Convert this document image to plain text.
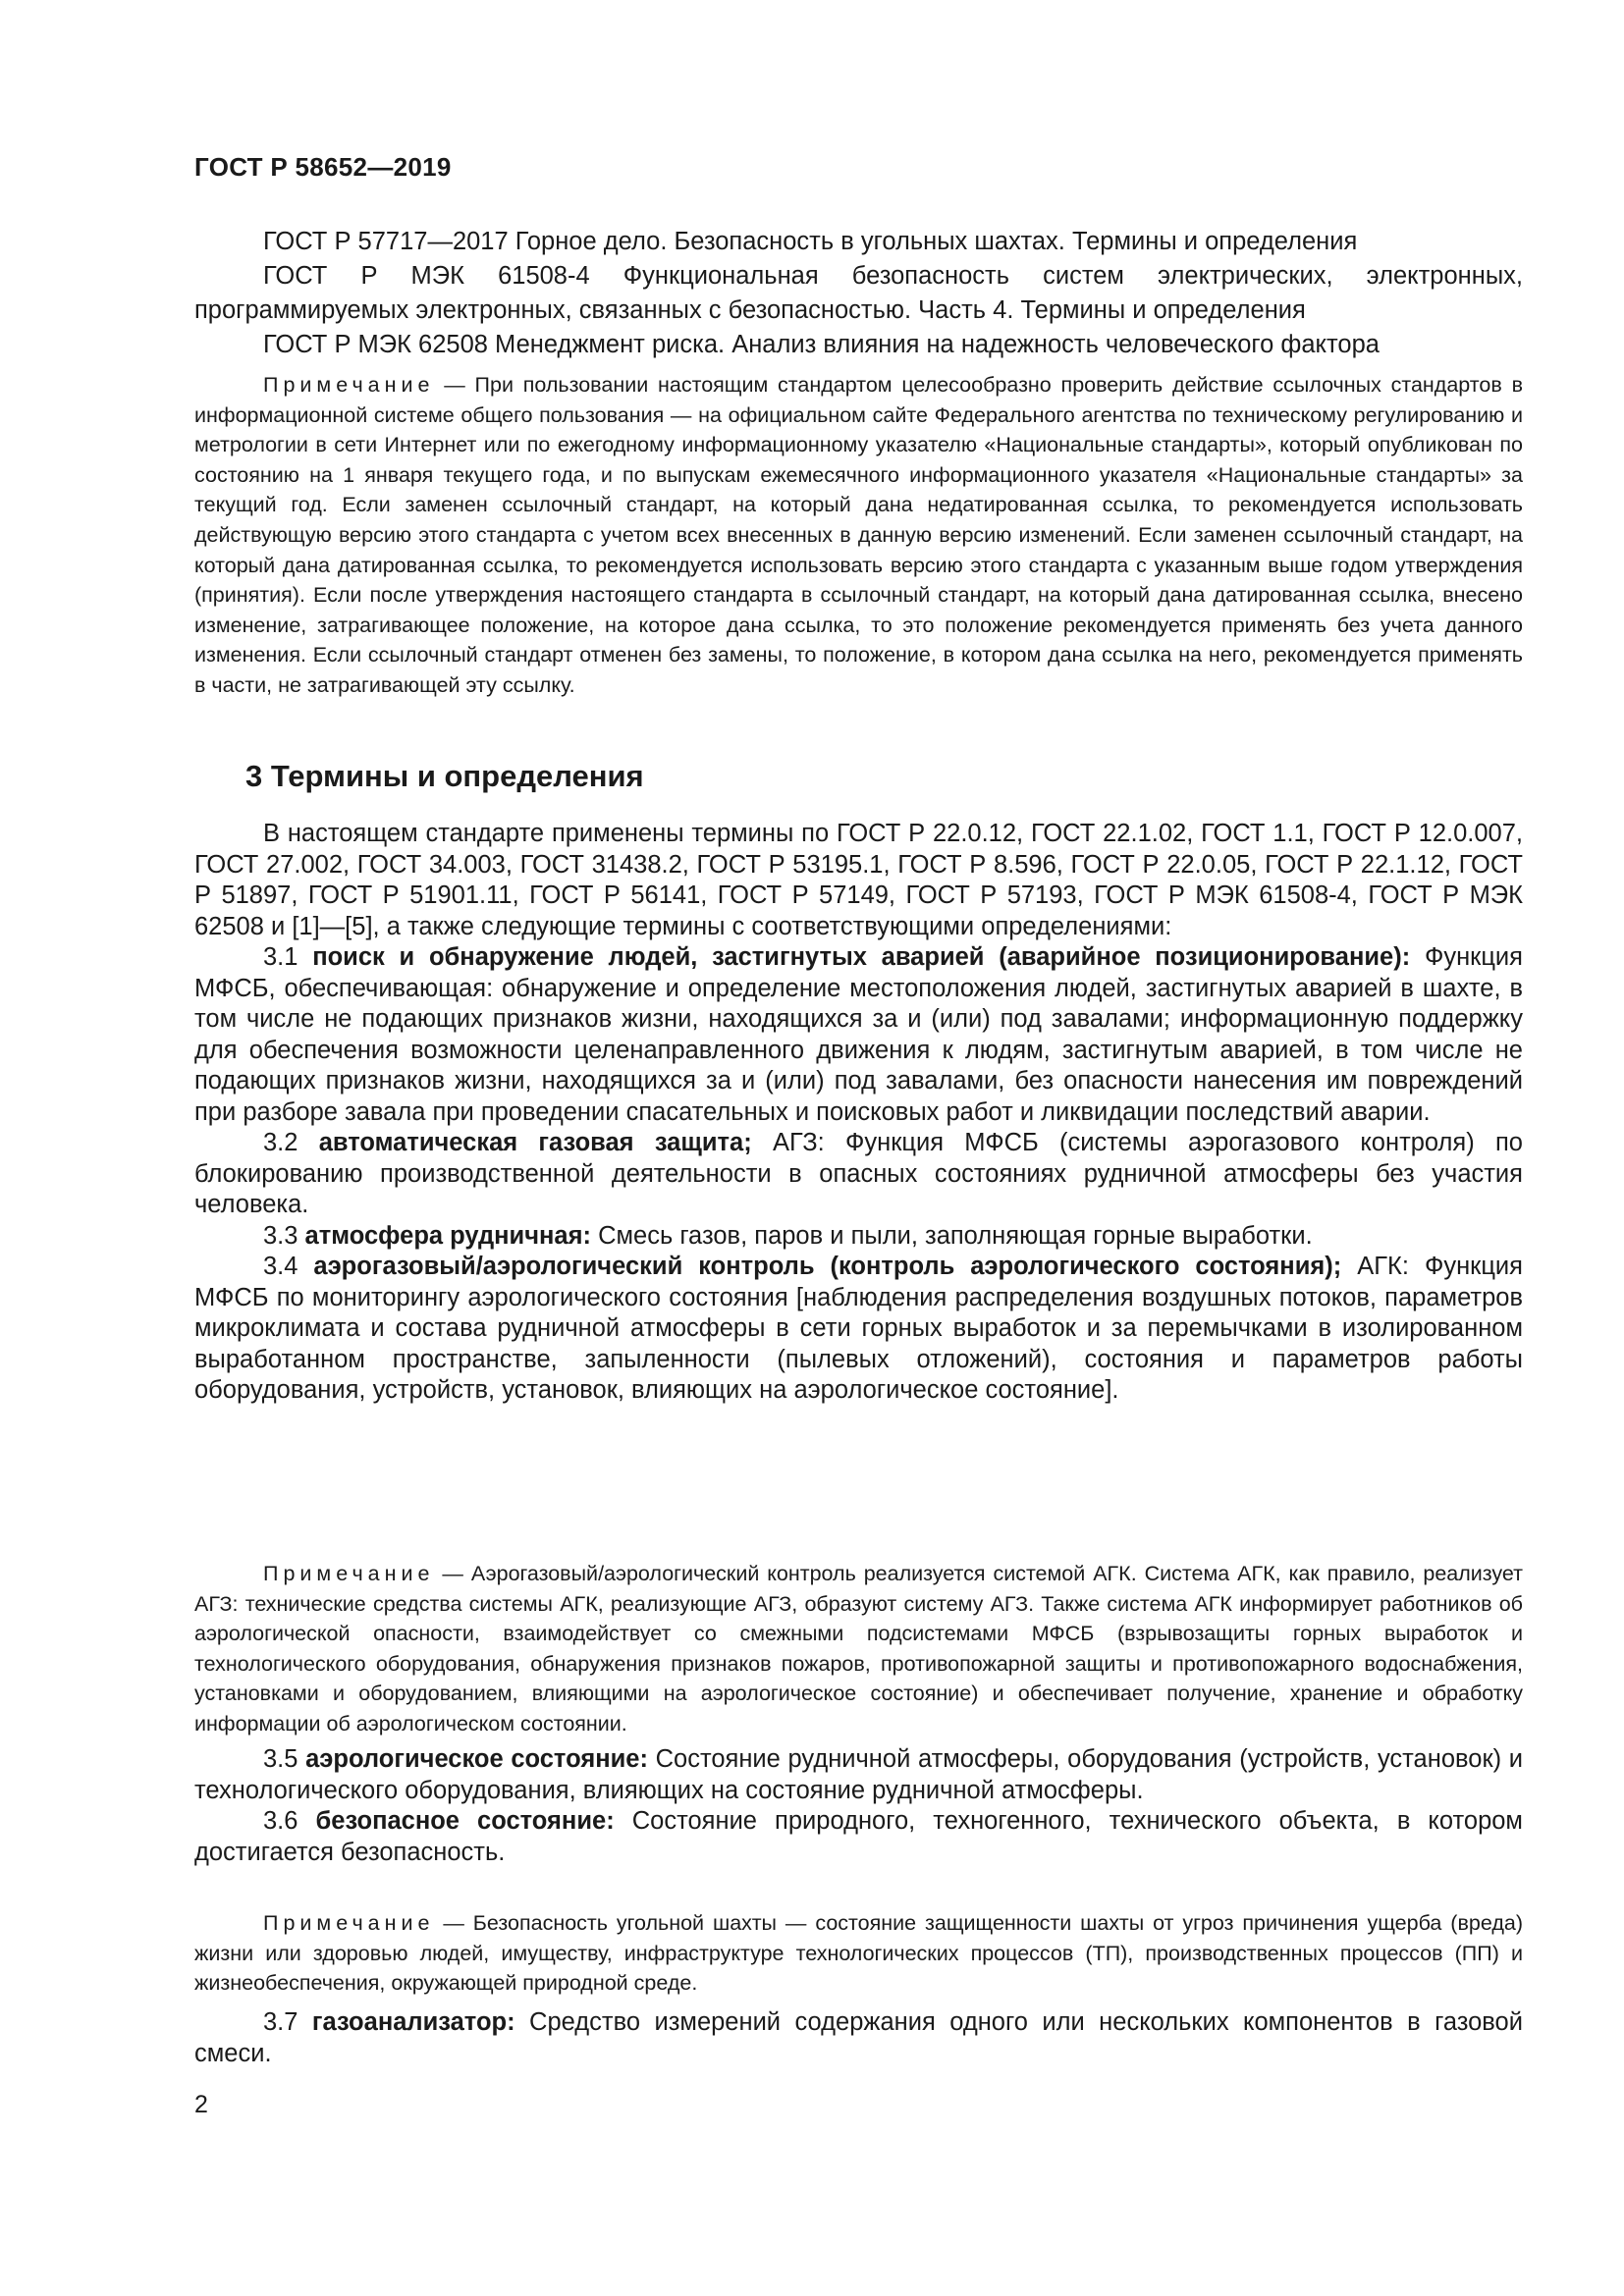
ГОСТ Р 58652—2019

ГОСТ Р 57717—2017 Горное дело. Безопасность в угольных шахтах. Термины и определения

ГОСТ Р МЭК 61508-4 Функциональная безопасность систем электрических, электронных, программируемых электронных, связанных с безопасностью. Часть 4. Термины и определения

ГОСТ Р МЭК 62508 Менеджмент риска. Анализ влияния на надежность человеческого фактора

Примечание — При пользовании настоящим стандартом целесообразно проверить действие ссылочных стандартов в информационной системе общего пользования — на официальном сайте Федерального агентства по техническому регулированию и метрологии в сети Интернет или по ежегодному информационному указателю «Национальные стандарты», который опубликован по состоянию на 1 января текущего года, и по выпускам ежемесячного информационного указателя «Национальные стандарты» за текущий год. Если заменен ссылочный стандарт, на который дана недатированная ссылка, то рекомендуется использовать действующую версию этого стандарта с учетом всех внесенных в данную версию изменений. Если заменен ссылочный стандарт, на который дана датированная ссылка, то рекомендуется использовать версию этого стандарта с указанным выше годом утверждения (принятия). Если после утверждения настоящего стандарта в ссылочный стандарт, на который дана датированная ссылка, внесено изменение, затрагивающее положение, на которое дана ссылка, то это положение рекомендуется применять без учета данного изменения. Если ссылочный стандарт отменен без замены, то положение, в котором дана ссылка на него, рекомендуется применять в части, не затрагивающей эту ссылку.

3 Термины и определения

В настоящем стандарте применены термины по ГОСТ Р 22.0.12, ГОСТ 22.1.02, ГОСТ 1.1, ГОСТ Р 12.0.007, ГОСТ 27.002, ГОСТ 34.003, ГОСТ 31438.2, ГОСТ Р 53195.1, ГОСТ Р 8.596, ГОСТ Р 22.0.05, ГОСТ Р 22.1.12, ГОСТ Р 51897, ГОСТ Р 51901.11, ГОСТ Р 56141, ГОСТ Р 57149, ГОСТ Р 57193, ГОСТ Р МЭК 61508-4, ГОСТ Р МЭК 62508 и [1]—[5], а также следующие термины с соответствующими определениями:

3.1 поиск и обнаружение людей, застигнутых аварией (аварийное позиционирование): Функция МФСБ, обеспечивающая: обнаружение и определение местоположения людей, застигнутых аварией в шахте, в том числе не подающих признаков жизни, находящихся за и (или) под завалами; информационную поддержку для обеспечения возможности целенаправленного движения к людям, застигнутым аварией, в том числе не подающих признаков жизни, находящихся за и (или) под завалами, без опасности нанесения им повреждений при разборе завала при проведении спасательных и поисковых работ и ликвидации последствий аварии.

3.2 автоматическая газовая защита; АГЗ: Функция МФСБ (системы аэрогазового контроля) по блокированию производственной деятельности в опасных состояниях рудничной атмосферы без участия человека.

3.3 атмосфера рудничная: Смесь газов, паров и пыли, заполняющая горные выработки.

3.4 аэрогазовый/аэрологический контроль (контроль аэрологического состояния); АГК: Функция МФСБ по мониторингу аэрологического состояния [наблюдения распределения воздушных потоков, параметров микроклимата и состава рудничной атмосферы в сети горных выработок и за перемычками в изолированном выработанном пространстве, запыленности (пылевых отложений), состояния и параметров работы оборудования, устройств, установок, влияющих на аэрологическое состояние].

Примечание — Аэрогазовый/аэрологический контроль реализуется системой АГК. Система АГК, как правило, реализует АГЗ: технические средства системы АГК, реализующие АГЗ, образуют систему АГЗ. Также система АГК информирует работников об аэрологической опасности, взаимодействует со смежными подсистемами МФСБ (взрывозащиты горных выработок и технологического оборудования, обнаружения признаков пожаров, противопожарной защиты и противопожарного водоснабжения, установками и оборудованием, влияющими на аэрологическое состояние) и обеспечивает получение, хранение и обработку информации об аэрологическом состоянии.

3.5 аэрологическое состояние: Состояние рудничной атмосферы, оборудования (устройств, установок) и технологического оборудования, влияющих на состояние рудничной атмосферы.

3.6 безопасное состояние: Состояние природного, техногенного, технического объекта, в котором достигается безопасность.

Примечание — Безопасность угольной шахты — состояние защищенности шахты от угроз причинения ущерба (вреда) жизни или здоровью людей, имуществу, инфраструктуре технологических процессов (ТП), производственных процессов (ПП) и жизнеобеспечения, окружающей природной среде.

3.7 газоанализатор: Средство измерений содержания одного или нескольких компонентов в газовой смеси.

2
